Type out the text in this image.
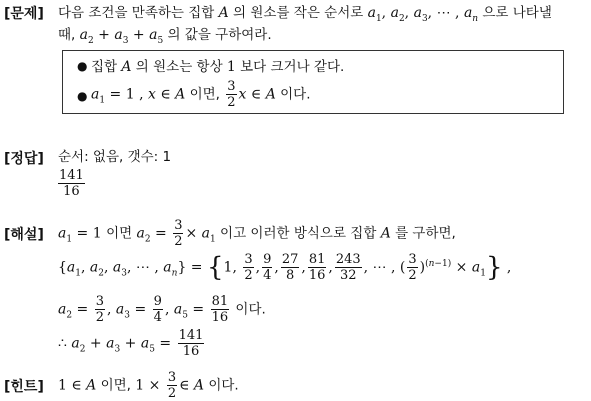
[문제] 다음 조건을 만족하는 집합 A 의 원소를 작은 순서로 $a_1$, $a_2$, $a_3$, ⋯ , $a_n$ 으로 나타낼
때, $a_2 + a_3 + a_5$ 의 값을 구하여라.
● 집합 A 의 원소는 항상 1 보다 크거나 같다.
● $a_1 = 1$ , x ∈ A 이면, $\frac{3}{2}$ x ∈ A 이다.
[정답] 순서: 없음, 갯수: 1
$\frac{141}{16}$
[해설] $a_1 = 1$ 이면 $a_2 = \frac{3}{2} \times a_1$ 이고 이러한 방식으로 집합 A 를 구하면,
{$a_1$, $a_2$, $a_3$, ⋯ , $a_n\} = \{1$, $\frac{3}{2}$ , $\frac{9}{4}$ , $\frac{27}{8}$ , $\frac{81}{16}$ , $\frac{243}{32}$ , ⋯ , ( $\frac{3}{2} )^{(n-1)} \times a_1$} ,
$a_2 = \frac{3}{2}$ , $a_3 = \frac{9}{4}$ , $a_5 = \frac{81}{16}$ 이다.
∴ $a_2 + a_3 + a_5 = \frac{141}{16}$
[힌트] 1 ∈ A 이면, $1 \times \frac{3}{2}$ ∈ A 이다.
